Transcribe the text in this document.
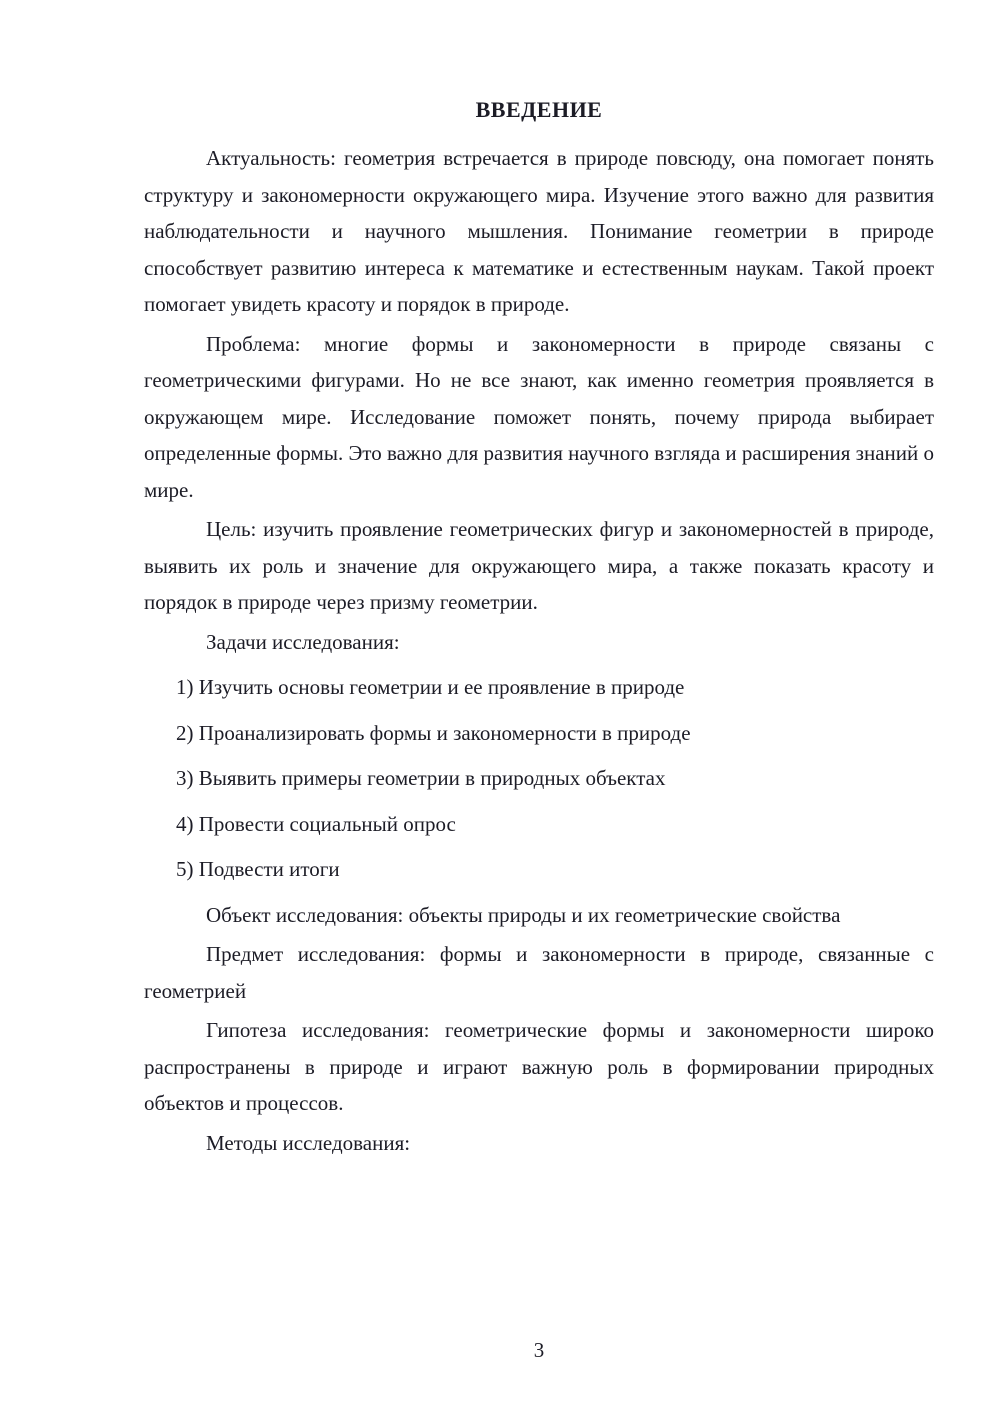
ВВЕДЕНИЕ

Актуальность: геометрия встречается в природе повсюду, она помогает понять структуру и закономерности окружающего мира. Изучение этого важно для развития наблюдательности и научного мышления. Понимание геометрии в природе способствует развитию интереса к математике и естественным наукам. Такой проект помогает увидеть красоту и порядок в природе.

Проблема: многие формы и закономерности в природе связаны с геометрическими фигурами. Но не все знают, как именно геометрия проявляется в окружающем мире. Исследование поможет понять, почему природа выбирает определенные формы. Это важно для развития научного взгляда и расширения знаний о мире.

Цель: изучить проявление геометрических фигур и закономерностей в природе, выявить их роль и значение для окружающего мира, а также показать красоту и порядок в природе через призму геометрии.

Задачи исследования:

1) Изучить основы геометрии и ее проявление в природе
2) Проанализировать формы и закономерности в природе
3) Выявить примеры геометрии в природных объектах
4) Провести социальный опрос
5) Подвести итоги

Объект исследования: объекты природы и их геометрические свойства

Предмет исследования: формы и закономерности в природе, связанные с геометрией

Гипотеза исследования: геометрические формы и закономерности широко распространены в природе и играют важную роль в формировании природных объектов и процессов.

Методы исследования:

3
